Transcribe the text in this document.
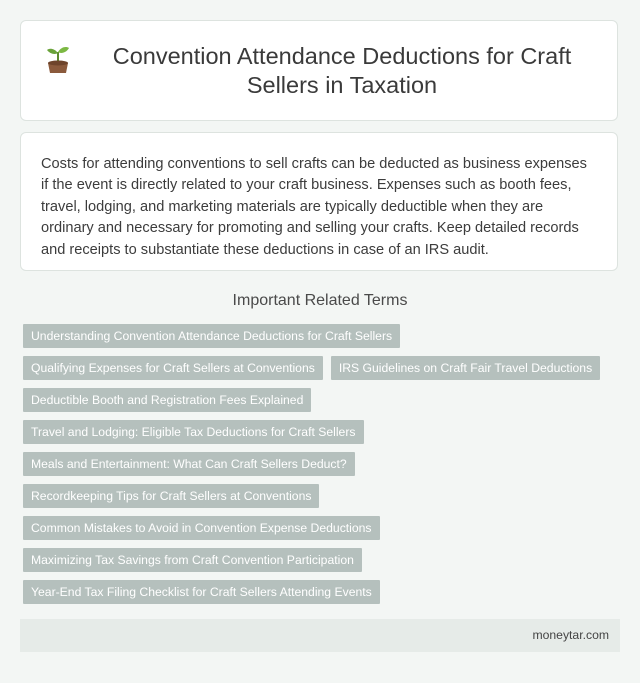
Convention Attendance Deductions for Craft Sellers in Taxation

Costs for attending conventions to sell crafts can be deducted as business expenses if the event is directly related to your craft business. Expenses such as booth fees, travel, lodging, and marketing materials are typically deductible when they are ordinary and necessary for promoting and selling your crafts. Keep detailed records and receipts to substantiate these deductions in case of an IRS audit.

Important Related Terms
Understanding Convention Attendance Deductions for Craft Sellers
Qualifying Expenses for Craft Sellers at Conventions	IRS Guidelines on Craft Fair Travel Deductions
Deductible Booth and Registration Fees Explained
Travel and Lodging: Eligible Tax Deductions for Craft Sellers
Meals and Entertainment: What Can Craft Sellers Deduct?
Recordkeeping Tips for Craft Sellers at Conventions
Common Mistakes to Avoid in Convention Expense Deductions
Maximizing Tax Savings from Craft Convention Participation
Year-End Tax Filing Checklist for Craft Sellers Attending Events
moneytar.com
